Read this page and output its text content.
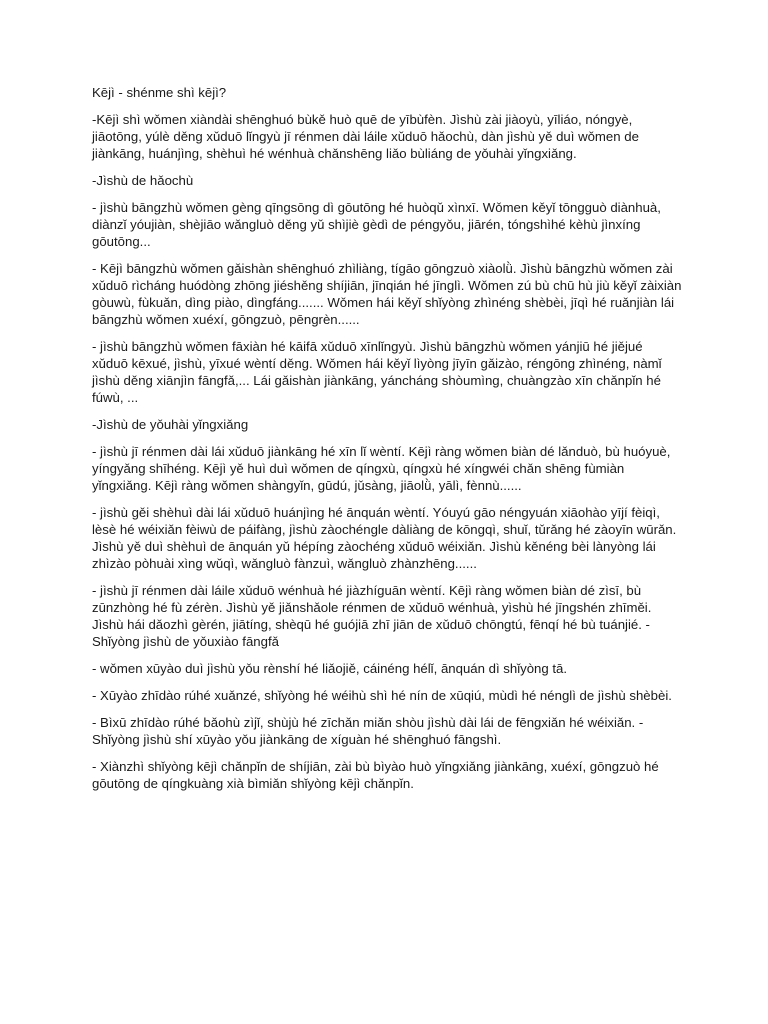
Kējì - shénme shì kējì?

-Kējì shì wǒmen xiàndài shēnghuó bùkě huò quē de yībùfèn. Jìshù zài jiàoyù, yīliáo, nóngyè, jiāotōng, yúlè děng xǔduō lǐngyù jī rénmen dài láile xǔduō hǎochù, dàn jìshù yě duì wǒmen de jiànkāng, huánjìng, shèhuì hé wénhuà chǎnshēng liǎo bùliáng de yǒuhài yǐngxiǎng.

-Jìshù de hǎochù

- jìshù bāngzhù wǒmen gèng qīngsōng dì gōutōng hé huòqǔ xìnxī. Wǒmen kěyǐ tōngguò diànhuà, diànzǐ yóujiàn, shèjiāo wǎngluò děng yǔ shìjiè gèdì de péngyǒu, jiārén, tóngshìhé kèhù jìnxíng gōutōng...

- Kējì bāngzhù wǒmen gǎishàn shēnghuó zhìliàng, tígāo gōngzuò xiàolǜ. Jìshù bāngzhù wǒmen zài xǔduō rìcháng huódòng zhōng jiéshěng shíjiān, jīnqián hé jīnglì. Wǒmen zú bù chū hù jiù kěyǐ zàixiàn gòuwù, fùkuǎn, dìng piào, dìngfáng....... Wǒmen hái kěyǐ shǐyòng zhìnéng shèbèi, jīqì hé ruǎnjiàn lái bāngzhù wǒmen xuéxí, gōngzuò, pēngrèn......

- jìshù bāngzhù wǒmen fāxiàn hé kāifā xǔduō xīnlǐngyù. Jìshù bāngzhù wǒmen yánjiū hé jiějué xǔduō kēxué, jìshù, yīxué wèntí děng. Wǒmen hái kěyǐ lìyòng jīyīn gǎizào, réngōng zhìnéng, nàmǐ jìshù děng xiānjìn fāngfǎ,... Lái gǎishàn jiànkāng, yáncháng shòumìng, chuàngzào xīn chǎnpǐn hé fúwù, ...

-Jìshù de yǒuhài yǐngxiǎng

- jìshù jī rénmen dài lái xǔduō jiànkāng hé xīn lǐ wèntí. Kējì ràng wǒmen biàn dé lǎnduò, bù huóyuè, yíngyǎng shīhéng. Kējì yě huì duì wǒmen de qíngxù, qíngxù hé xíngwéi chǎn shēng fùmiàn yǐngxiǎng. Kējì ràng wǒmen shàngyǐn, gūdú, jǔsàng, jiāolǜ, yālì, fènnù......

- jìshù gěi shèhuì dài lái xǔduō huánjìng hé ānquán wèntí. Yóuyú gāo néngyuán xiāohào yījí fèiqì, lèsè hé wéixiǎn fèiwù de páifàng, jìshù zàochéngle dàliàng de kōngqì, shuǐ, tǔrǎng hé zàoyīn wūrǎn. Jìshù yě duì shèhuì de ānquán yǔ hépíng zàochéng xǔduō wéixiǎn. Jìshù kěnéng bèi lànyòng lái zhìzào pòhuài xìng wǔqì, wǎngluò fànzuì, wǎngluò zhànzhēng......

- jìshù jī rénmen dài láile xǔduō wénhuà hé jiàzhíguān wèntí. Kējì ràng wǒmen biàn dé zìsī, bù zūnzhòng hé fù zérèn. Jìshù yě jiǎnshǎole rénmen de xǔduō wénhuà, yìshù hé jīngshén zhīměi. Jìshù hái dǎozhì gèrén, jiātíng, shèqū hé guójiā zhī jiān de xǔduō chōngtú, fēnqí hé bù tuánjié. -Shǐyòng jìshù de yǒuxiào fāngfǎ

- wǒmen xūyào duì jìshù yǒu rènshí hé liǎojiě, cáinéng hélǐ, ānquán dì shǐyòng tā.

- Xūyào zhīdào rúhé xuǎnzé, shǐyòng hé wéihù shì hé nín de xūqiú, mùdì hé nénglì de jìshù shèbèi.

- Bìxū zhīdào rúhé bǎohù zìjǐ, shùjù hé zīchǎn miǎn shòu jìshù dài lái de fēngxiǎn hé wéixiǎn. - Shǐyòng jìshù shí xūyào yǒu jiànkāng de xíguàn hé shēnghuó fāngshì.

- Xiànzhì shǐyòng kējì chǎnpǐn de shíjiān, zài bù bìyào huò yǐngxiǎng jiànkāng, xuéxí, gōngzuò hé gōutōng de qíngkuàng xià bìmiǎn shǐyòng kējì chǎnpǐn.
